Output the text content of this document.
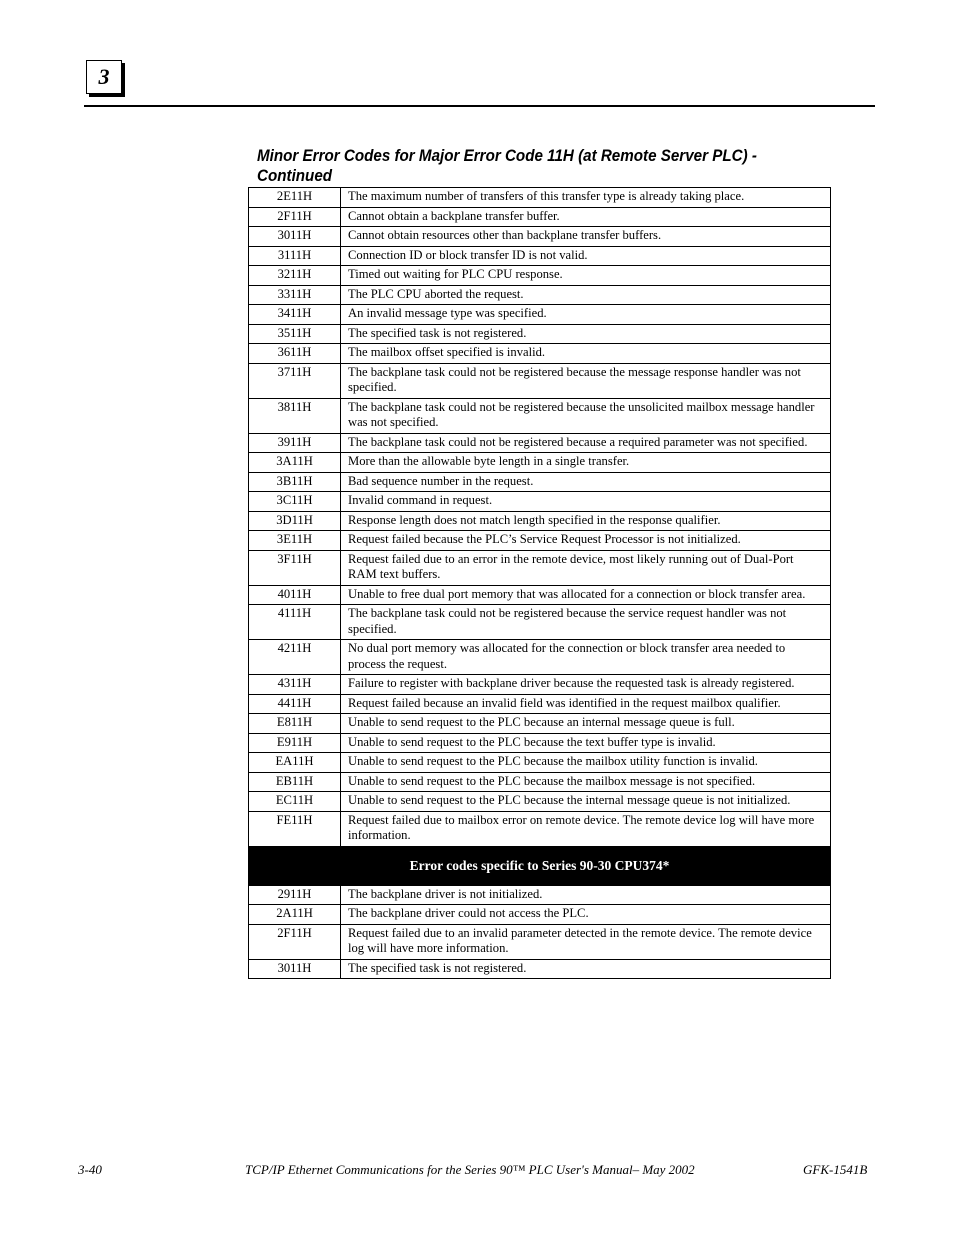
3
Minor Error Codes for Major Error Code 11H (at Remote Server PLC) - Continued
2E11H	The maximum number of transfers of this transfer type is already taking place.
2F11H	Cannot obtain a backplane transfer buffer.
3011H	Cannot obtain resources other than backplane transfer buffers.
3111H	Connection ID or block transfer ID is not valid.
3211H	Timed out waiting for PLC CPU response.
3311H	The PLC CPU aborted the request.
3411H	An invalid message type was specified.
3511H	The specified task is not registered.
3611H	The mailbox offset specified is invalid.
3711H	The backplane task could not be registered because the message response handler was not specified.
3811H	The backplane task could not be registered because the unsolicited mailbox message handler was not specified.
3911H	The backplane task could not be registered because a required parameter was not specified.
3A11H	More than the allowable byte length in a single transfer.
3B11H	Bad sequence number in the request.
3C11H	Invalid command in request.
3D11H	Response length does not match length specified in the response qualifier.
3E11H	Request failed because the PLC’s Service Request Processor is not initialized.
3F11H	Request failed due to an error in the remote device, most likely running out of Dual-Port RAM text buffers.
4011H	Unable to free dual port memory that was allocated for a connection or block transfer area.
4111H	The backplane task could not be registered because the service request handler was not specified.
4211H	No dual port memory was allocated for the connection or block transfer area needed to process the request.
4311H	Failure to register with backplane driver because the requested task is already registered.
4411H	Request failed because an invalid field was identified in the request mailbox qualifier.
E811H	Unable to send request to the PLC because an internal message queue is full.
E911H	Unable to send request to the PLC because the text buffer type is invalid.
EA11H	Unable to send request to the PLC because the mailbox utility function is invalid.
EB11H	Unable to send request to the PLC because the mailbox message is not specified.
EC11H	Unable to send request to the PLC because the internal message queue is not initialized.
FE11H	Request failed due to mailbox error on remote device. The remote device log will have more information.
Error codes specific to Series 90-30 CPU374*	
2911H	The backplane driver is not initialized.
2A11H	The backplane driver could not access the PLC.
2F11H	Request failed due to an invalid parameter detected in the remote device. The remote device log will have more information.
3011H	The specified task is not registered.
3-40	TCP/IP Ethernet Communications for the Series 90™ PLC User's Manual– May 2002	GFK-1541B
